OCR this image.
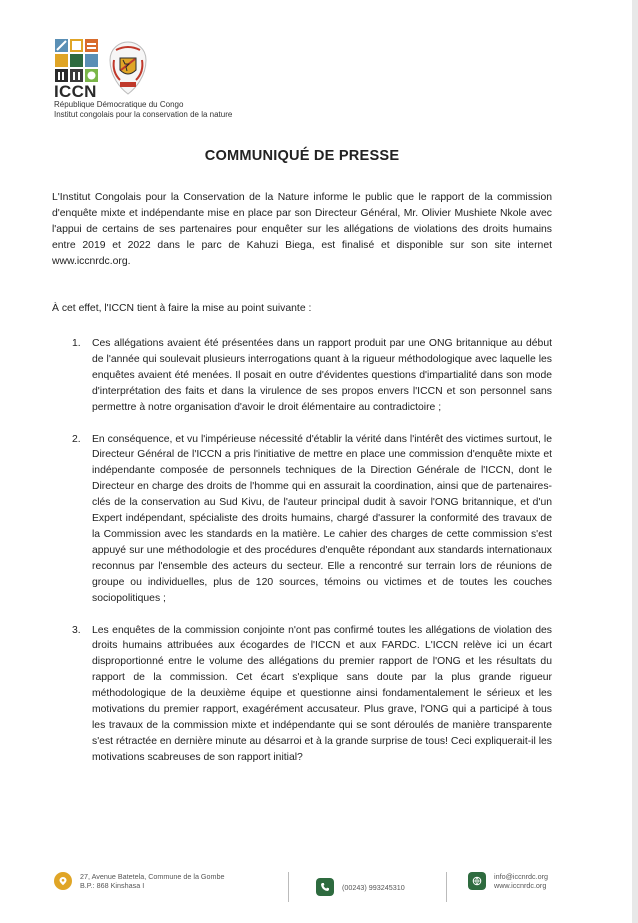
ICCN
République Démocratique du Congo
Institut congolais pour la conservation de la nature
COMMUNIQUÉ DE PRESSE

L'Institut Congolais pour la Conservation de la Nature informe le public que le rapport de la commission d'enquête mixte et indépendante mise en place par son Directeur Général, Mr. Olivier Mushiete Nkole avec l'appui de certains de ses partenaires pour enquêter sur les allégations de violations des droits humains entre 2019 et 2022 dans le parc de Kahuzi Biega, est finalisé et disponible sur son site internet www.iccnrdc.org.

À cet effet, l'ICCN tient à faire la mise au point suivante :
1. Ces allégations avaient été présentées dans un rapport produit par une ONG britannique au début de l'année qui soulevait plusieurs interrogations quant à la rigueur méthodologique avec laquelle les enquêtes avaient été menées. Il posait en outre d'évidentes questions d'impartialité dans son mode d'interprétation des faits et dans la virulence de ses propos envers l'ICCN et son personnel sans permettre à notre organisation d'avoir le droit élémentaire au contradictoire ;
2. En conséquence, et vu l'impérieuse nécessité d'établir la vérité dans l'intérêt des victimes surtout, le Directeur Général de l'ICCN a pris l'initiative de mettre en place une commission d'enquête mixte et indépendante composée de personnels techniques de la Direction Générale de l'ICCN, dont le Directeur en charge des droits de l'homme qui en assurait la coordination, ainsi que de partenaires-clés de la conservation au Sud Kivu, de l'auteur principal dudit à savoir l'ONG britannique, et d'un Expert indépendant, spécialiste des droits humains, chargé d'assurer la conformité des travaux de la Commission avec les standards en la matière. Le cahier des charges de cette commission s'est appuyé sur une méthodologie et des procédures d'enquête répondant aux standards internationaux reconnus par l'ensemble des acteurs du secteur. Elle a rencontré sur terrain lors de réunions de groupe ou individuelles, plus de 120 sources, témoins ou victimes et de toutes les couches sociopolitiques ;
3. Les enquêtes de la commission conjointe n'ont pas confirmé toutes les allégations de violation des droits humains attribuées aux écogardes de l'ICCN et aux FARDC. L'ICCN relève ici un écart disproportionné entre le volume des allégations du premier rapport de l'ONG et les résultats du rapport de la commission. Cet écart s'explique sans doute par la plus grande rigueur méthodologique de la deuxième équipe et questionne ainsi fondamentalement le sérieux et les motivations du premier rapport, exagérément accusateur. Plus grave, l'ONG qui a participé à tous les travaux de la commission mixte et indépendante qui se sont déroulés de manière transparente s'est rétractée en dernière minute au désarroi et à la grande surprise de tous! Ceci expliquerait-il les motivations scabreuses de son rapport initial?
27, Avenue Batetela, Commune de la Gombe
B.P.: 868 Kinshasa I	(00243) 993245310
info@iccnrdc.org
www.iccnrdc.org
